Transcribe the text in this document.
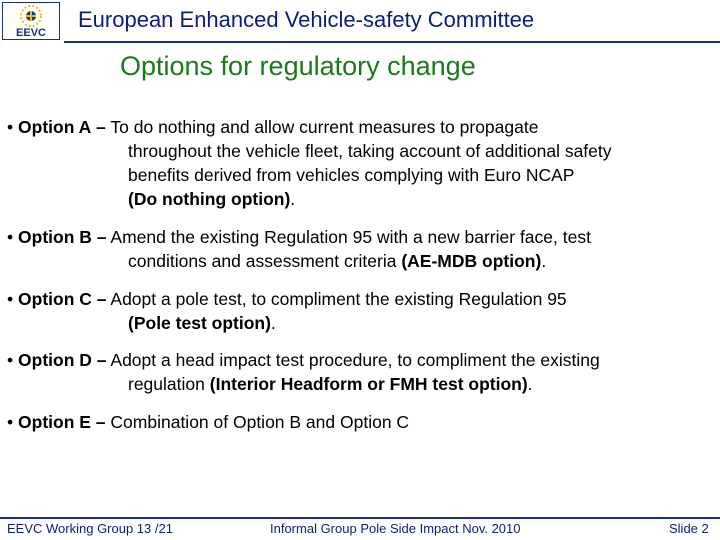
EEVC
European Enhanced Vehicle-safety Committee
Options for regulatory change
• Option A – To do nothing and allow current measures to propagate
throughout the vehicle fleet, taking account of additional safety
benefits derived from vehicles complying with Euro NCAP
(Do nothing option).
• Option B – Amend the existing Regulation 95 with a new barrier face, test
conditions and assessment criteria (AE-MDB option).
• Option C – Adopt a pole test, to compliment the existing Regulation 95
(Pole test option).
• Option D – Adopt a head impact test procedure, to compliment the existing
regulation (Interior Headform or FMH test option).
• Option E – Combination of Option B and Option C
EEVC Working Group 13 /21	Informal Group Pole Side Impact Nov. 2010	Slide 2
